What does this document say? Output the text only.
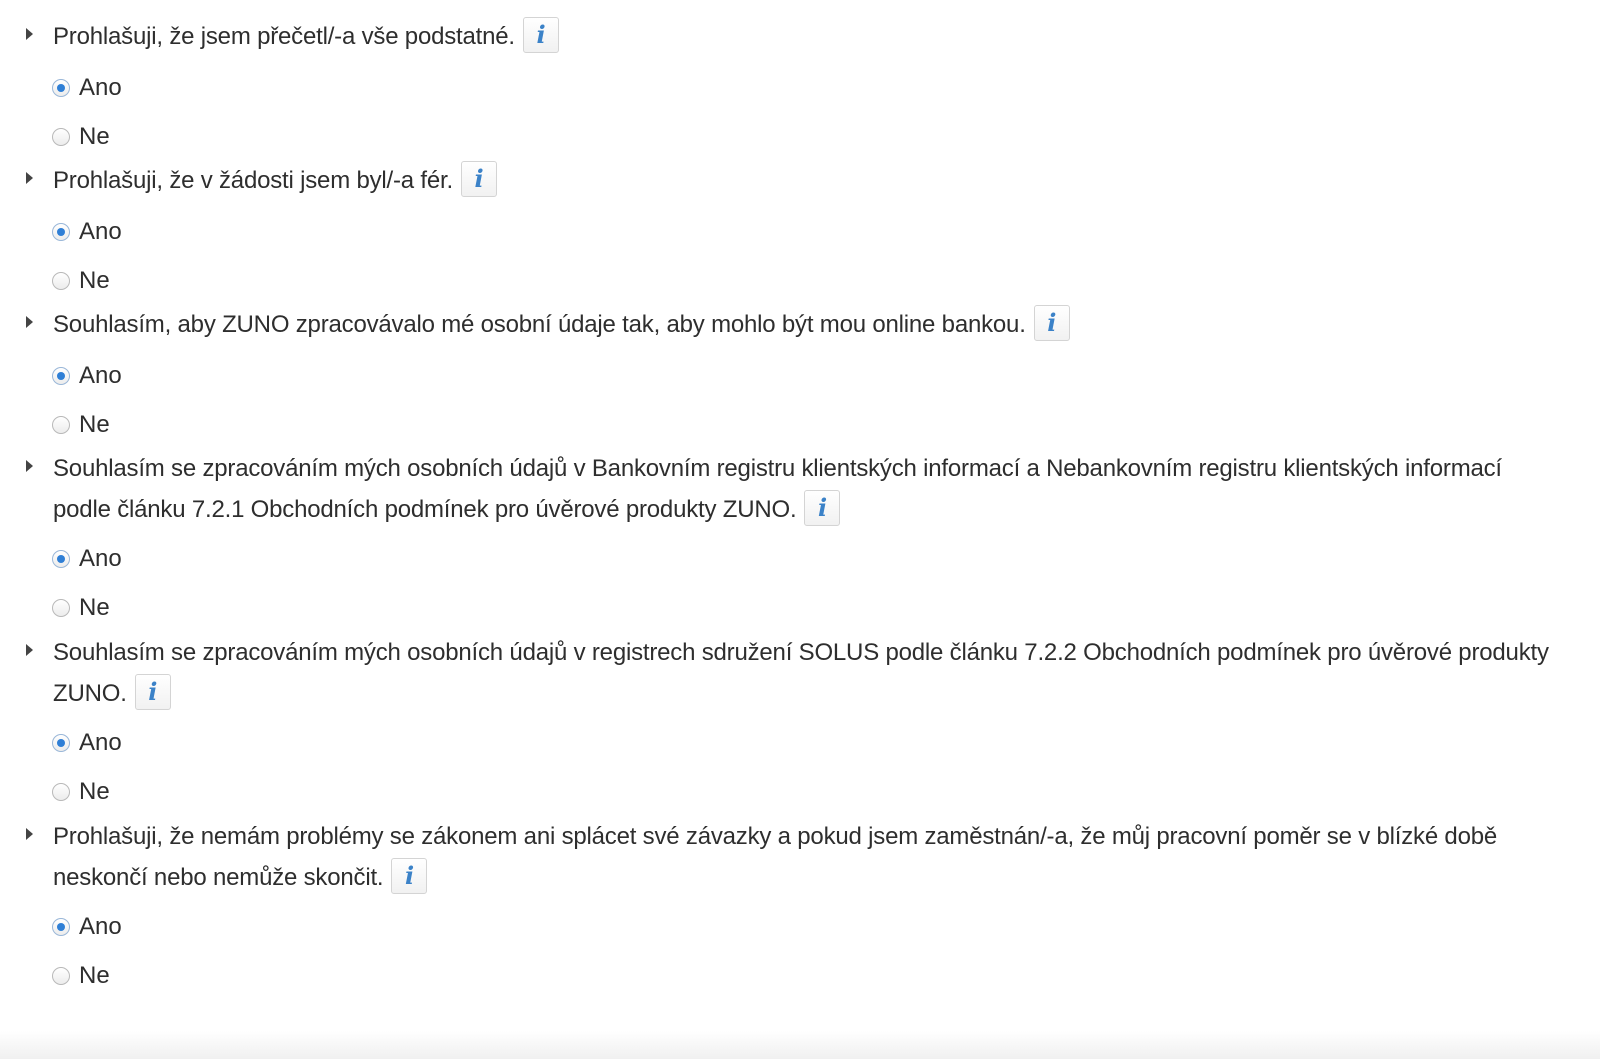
Prohlašuji, že jsem přečetl/-a vše podstatné. i
Ano
Ne
Prohlašuji, že v žádosti jsem byl/-a fér. i
Ano
Ne
Souhlasím, aby ZUNO zpracovávalo mé osobní údaje tak, aby mohlo být mou online bankou. i
Ano
Ne
Souhlasím se zpracováním mých osobních údajů v Bankovním registru klientských informací a Nebankovním registru klientských informací podle článku 7.2.1 Obchodních podmínek pro úvěrové produkty ZUNO. i
Ano
Ne
Souhlasím se zpracováním mých osobních údajů v registrech sdružení SOLUS podle článku 7.2.2 Obchodních podmínek pro úvěrové produkty ZUNO. i
Ano
Ne
Prohlašuji, že nemám problémy se zákonem ani splácet své závazky a pokud jsem zaměstnán/-a, že můj pracovní poměr se v blízké době neskončí nebo nemůže skončit. i
Ano
Ne
